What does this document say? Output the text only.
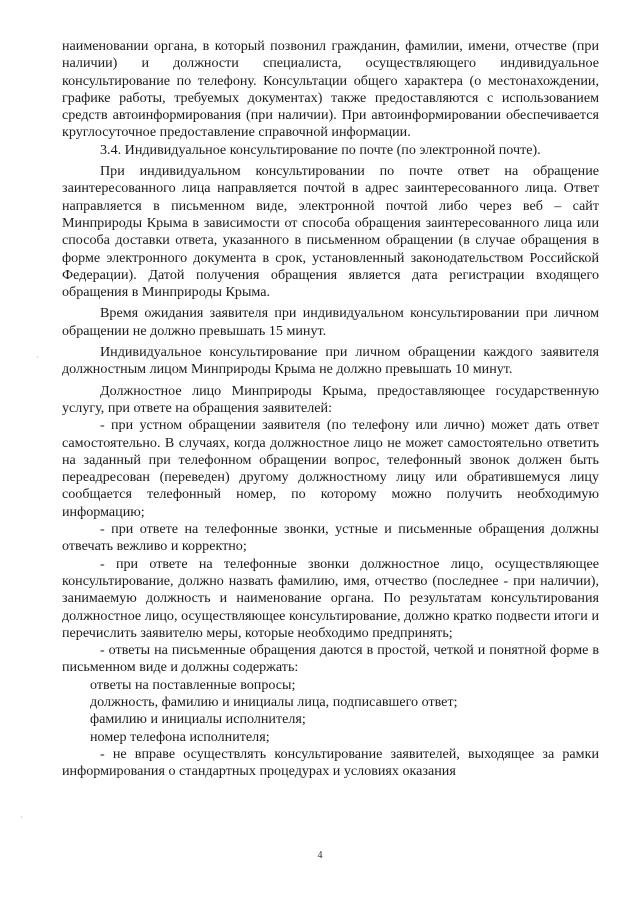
наименовании органа, в который позвонил гражданин, фамилии, имени, отчестве (при наличии) и должности специалиста, осуществляющего индивидуальное консультирование по телефону. Консультации общего характера (о местонахождении, графике работы, требуемых документах) также предоставляются с использованием средств автоинформирования (при наличии). При автоинформировании обеспечивается круглосуточное предоставление справочной информации.

3.4. Индивидуальное консультирование по почте (по электронной почте).

При индивидуальном консультировании по почте ответ на обращение заинтересованного лица направляется почтой в адрес заинтересованного лица. Ответ направляется в письменном виде, электронной почтой либо через веб – сайт Минприроды Крыма в зависимости от способа обращения заинтересованного лица или способа доставки ответа, указанного в письменном обращении (в случае обращения в форме электронного документа в срок, установленный законодательством Российской Федерации). Датой получения обращения является дата регистрации входящего обращения в Минприроды Крыма.

Время ожидания заявителя при индивидуальном консультировании при личном обращении не должно превышать 15 минут.

Индивидуальное консультирование при личном обращении каждого заявителя должностным лицом Минприроды Крыма не должно превышать 10 минут.

Должностное лицо Минприроды Крыма, предоставляющее государственную услугу, при ответе на обращения заявителей:

- при устном обращении заявителя (по телефону или лично) может дать ответ самостоятельно. В случаях, когда должностное лицо не может самостоятельно ответить на заданный при телефонном обращении вопрос, телефонный звонок должен быть переадресован (переведен) другому должностному лицу или обратившемуся лицу сообщается телефонный номер, по которому можно получить необходимую информацию;

- при ответе на телефонные звонки, устные и письменные обращения должны отвечать вежливо и корректно;

- при ответе на телефонные звонки должностное лицо, осуществляющее консультирование, должно назвать фамилию, имя, отчество (последнее - при наличии), занимаемую должность и наименование органа. По результатам консультирования должностное лицо, осуществляющее консультирование, должно кратко подвести итоги и перечислить заявителю меры, которые необходимо предпринять;

- ответы на письменные обращения даются в простой, четкой и понятной форме в письменном виде и должны содержать:

ответы на поставленные вопросы;

должность, фамилию и инициалы лица, подписавшего ответ;

фамилию и инициалы исполнителя;

номер телефона исполнителя;

- не вправе осуществлять консультирование заявителей, выходящее за рамки информирования о стандартных процедурах и условиях оказания

4
·
·
